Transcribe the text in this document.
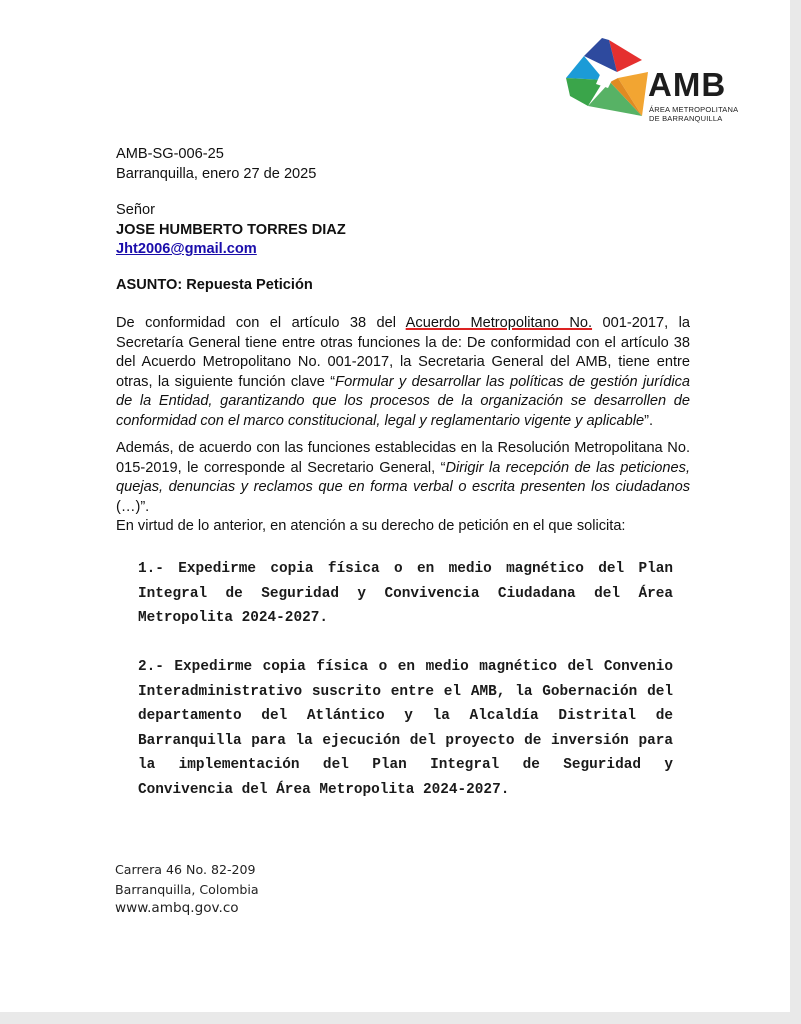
AMB
ÁREA METROPOLITANA
DE BARRANQUILLA
AMB-SG-006-25
Barranquilla, enero 27 de 2025
Señor
JOSE HUMBERTO TORRES DIAZ
Jht2006@gmail.com
ASUNTO: Repuesta Petición
De conformidad con el artículo 38 del Acuerdo Metropolitano No. 001-2017, la Secretaría General tiene entre otras funciones la de: De conformidad con el artículo 38 del Acuerdo Metropolitano No. 001-2017, la Secretaria General del AMB, tiene entre otras, la siguiente función clave “Formular y desarrollar las políticas de gestión jurídica de la Entidad, garantizando que los procesos de la organización se desarrollen de conformidad con el marco constitucional, legal y reglamentario vigente y aplicable”.
Además, de acuerdo con las funciones establecidas en la Resolución Metropolitana No. 015-2019, le corresponde al Secretario General, “Dirigir la recepción de las peticiones, quejas, denuncias y reclamos que en forma verbal o escrita presenten los ciudadanos (…)”.
En virtud de lo anterior, en atención a su derecho de petición en el que solicita:
1.- Expedirme copia física o en medio magnético del Plan Integral de Seguridad y Convivencia Ciudadana del Área Metropolita 2024-2027.
2.- Expedirme copia física o en medio magnético del Convenio Interadministrativo suscrito entre el AMB, la Gobernación del departamento del Atlántico y la Alcaldía Distrital de Barranquilla para la ejecución del proyecto de inversión para la implementación del Plan Integral de Seguridad y Convivencia del Área Metropolita 2024-2027.
Carrera 46 No. 82-209
Barranquilla, Colombia
www.ambq.gov.co
